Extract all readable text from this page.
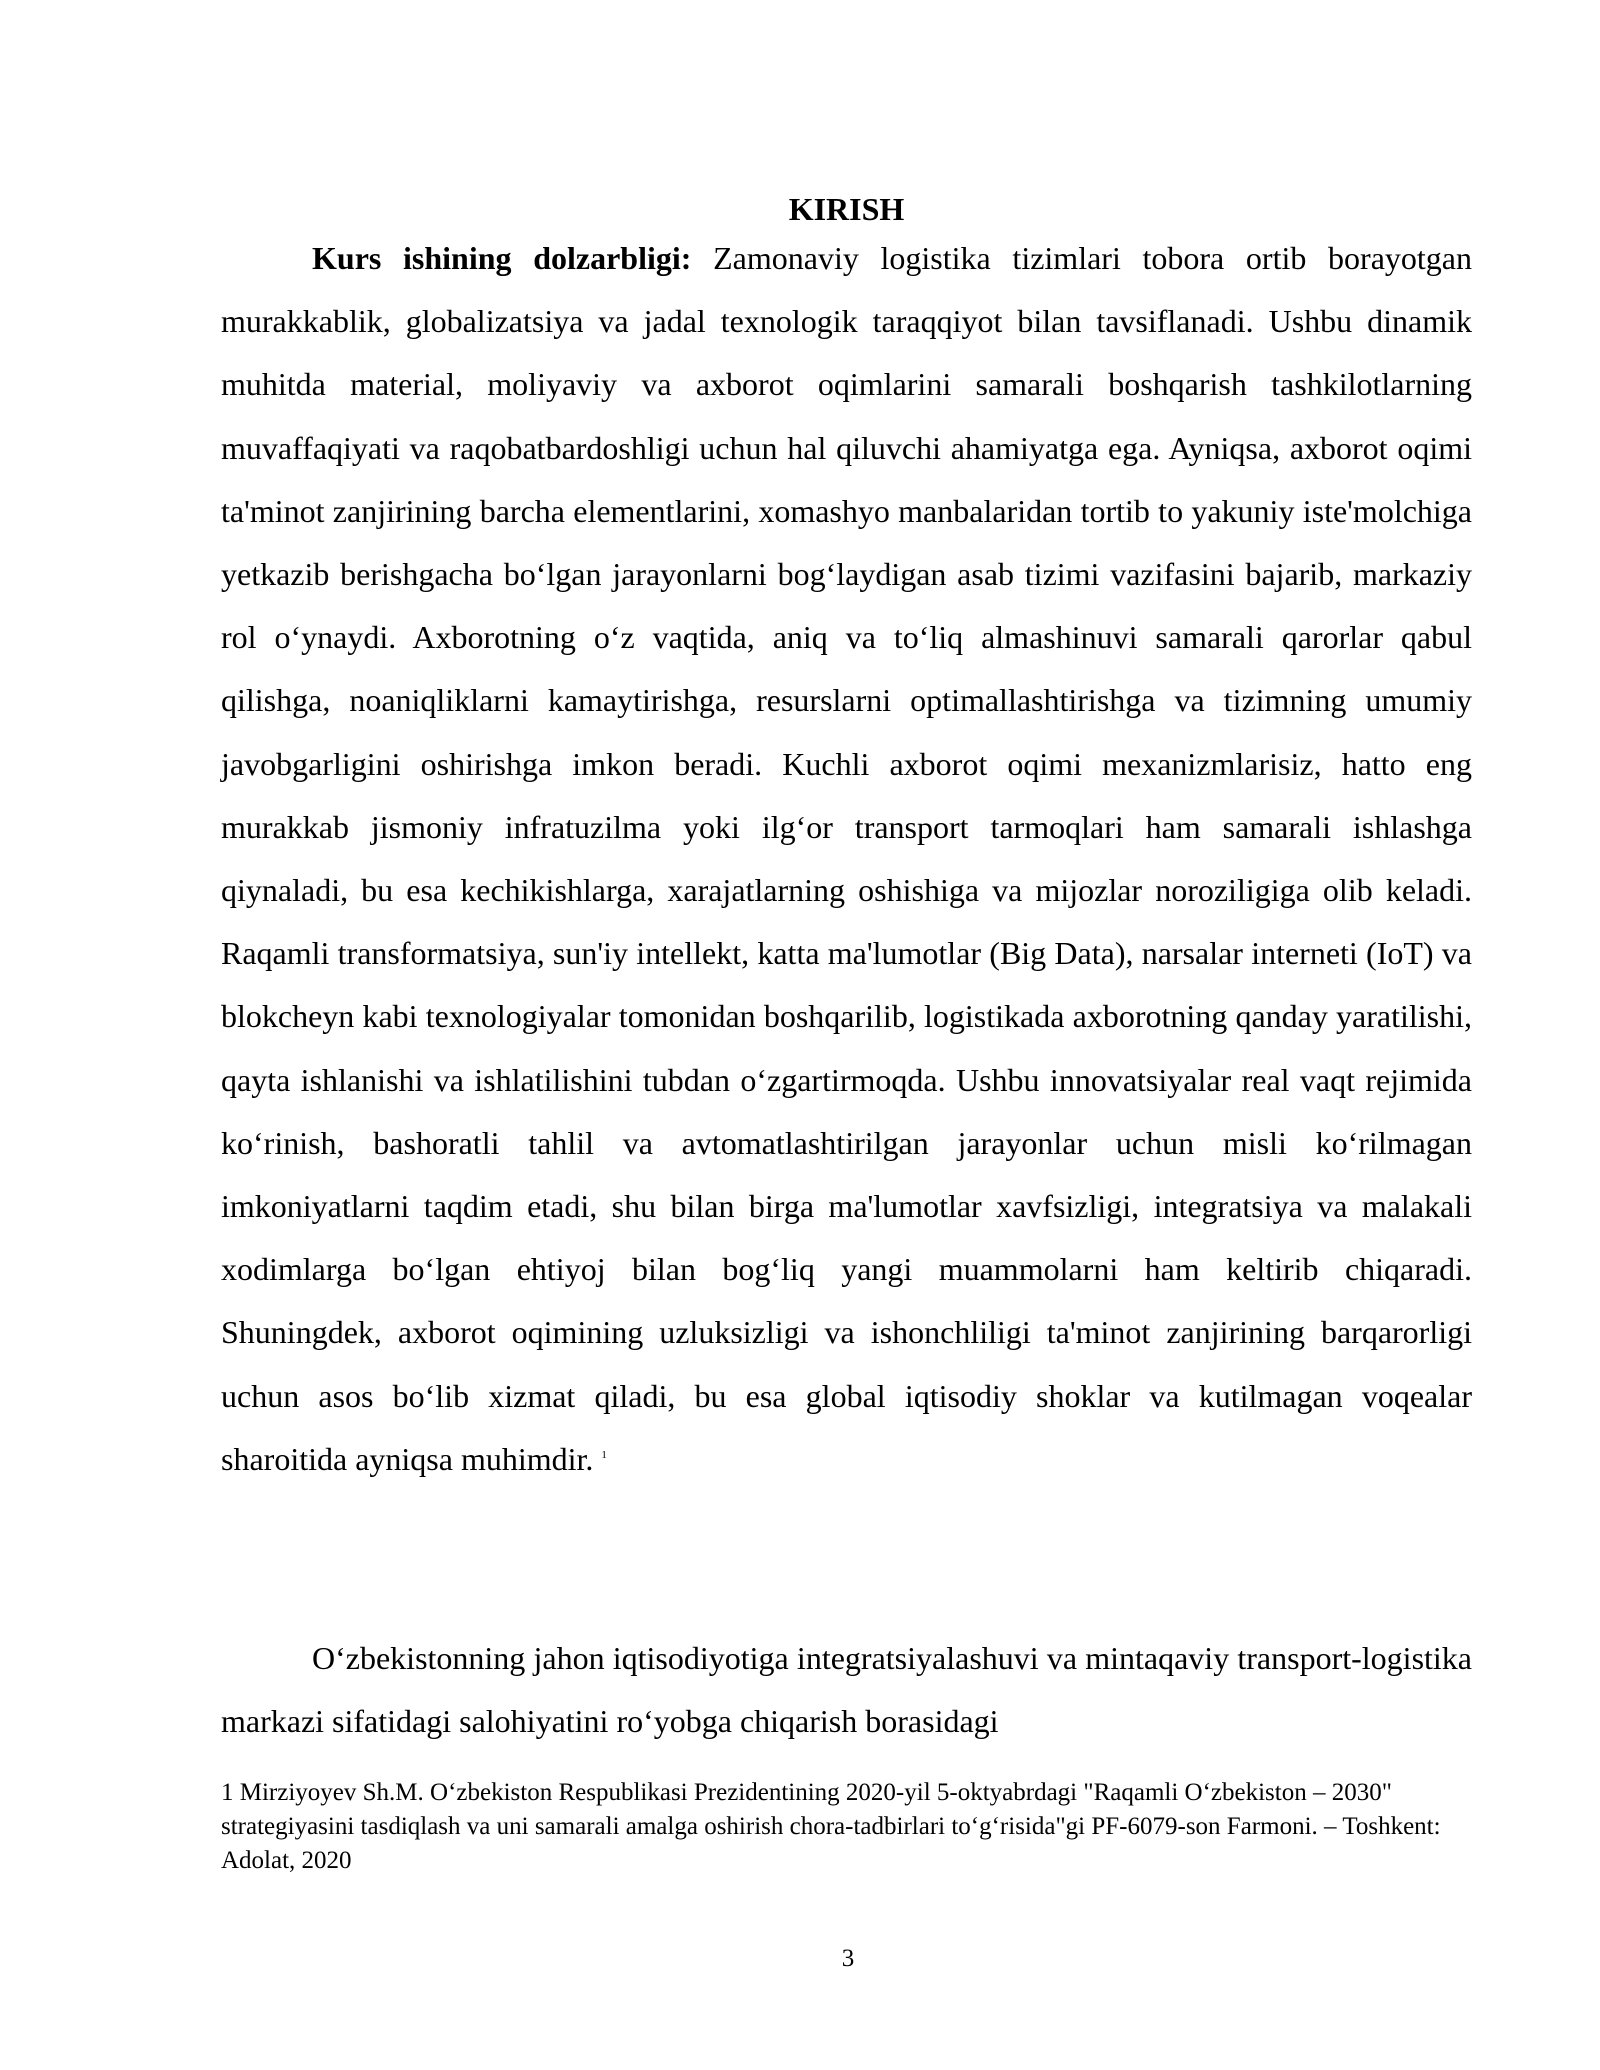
KIRISH

Kurs ishining dolzarbligi: Zamonaviy logistika tizimlari tobora ortib borayotgan murakkablik, globalizatsiya va jadal texnologik taraqqiyot bilan tavsiflanadi. Ushbu dinamik muhitda material, moliyaviy va axborot oqimlarini samarali boshqarish tashkilotlarning muvaffaqiyati va raqobatbardoshligi uchun hal qiluvchi ahamiyatga ega. Ayniqsa, axborot oqimi ta'minot zanjirining barcha elementlarini, xomashyo manbalaridan tortib to yakuniy iste'molchiga yetkazib berishgacha bo‘lgan jarayonlarni bog‘laydigan asab tizimi vazifasini bajarib, markaziy rol o‘ynaydi. Axborotning o‘z vaqtida, aniq va to‘liq almashinuvi samarali qarorlar qabul qilishga, noaniqliklarni kamaytirishga, resurslarni optimallashtirishga va tizimning umumiy javobgarligini oshirishga imkon beradi. Kuchli axborot oqimi mexanizmlarisiz, hatto eng murakkab jismoniy infratuzilma yoki ilg‘or transport tarmoqlari ham samarali ishlashga qiynaladi, bu esa kechikishlarga, xarajatlarning oshishiga va mijozlar noroziligiga olib keladi. Raqamli transformatsiya, sun'iy intellekt, katta ma'lumotlar (Big Data), narsalar interneti (IoT) va blokcheyn kabi texnologiyalar tomonidan boshqarilib, logistikada axborotning qanday yaratilishi, qayta ishlanishi va ishlatilishini tubdan o‘zgartirmoqda. Ushbu innovatsiyalar real vaqt rejimida ko‘rinish, bashoratli tahlil va avtomatlashtirilgan jarayonlar uchun misli ko‘rilmagan imkoniyatlarni taqdim etadi, shu bilan birga ma'lumotlar xavfsizligi, integratsiya va malakali xodimlarga bo‘lgan ehtiyoj bilan bog‘liq yangi muammolarni ham keltirib chiqaradi. Shuningdek, axborot oqimining uzluksizligi va ishonchliligi ta'minot zanjirining barqarorligi uchun asos bo‘lib xizmat qiladi, bu esa global iqtisodiy shoklar va kutilmagan voqealar sharoitida ayniqsa muhimdir. $^1$

O‘zbekistonning jahon iqtisodiyotiga integratsiyalashuvi va mintaqaviy transport-logistika markazi sifatidagi salohiyatini ro‘yobga chiqarish borasidagi

1 Mirziyoyev Sh.M. O‘zbekiston Respublikasi Prezidentining 2020-yil 5-oktyabrdagi "Raqamli O‘zbekiston – 2030" strategiyasini tasdiqlash va uni samarali amalga oshirish chora-tadbirlari to‘g‘risida"gi PF-6079-son Farmoni. – Toshkent: Adolat, 2020

3
